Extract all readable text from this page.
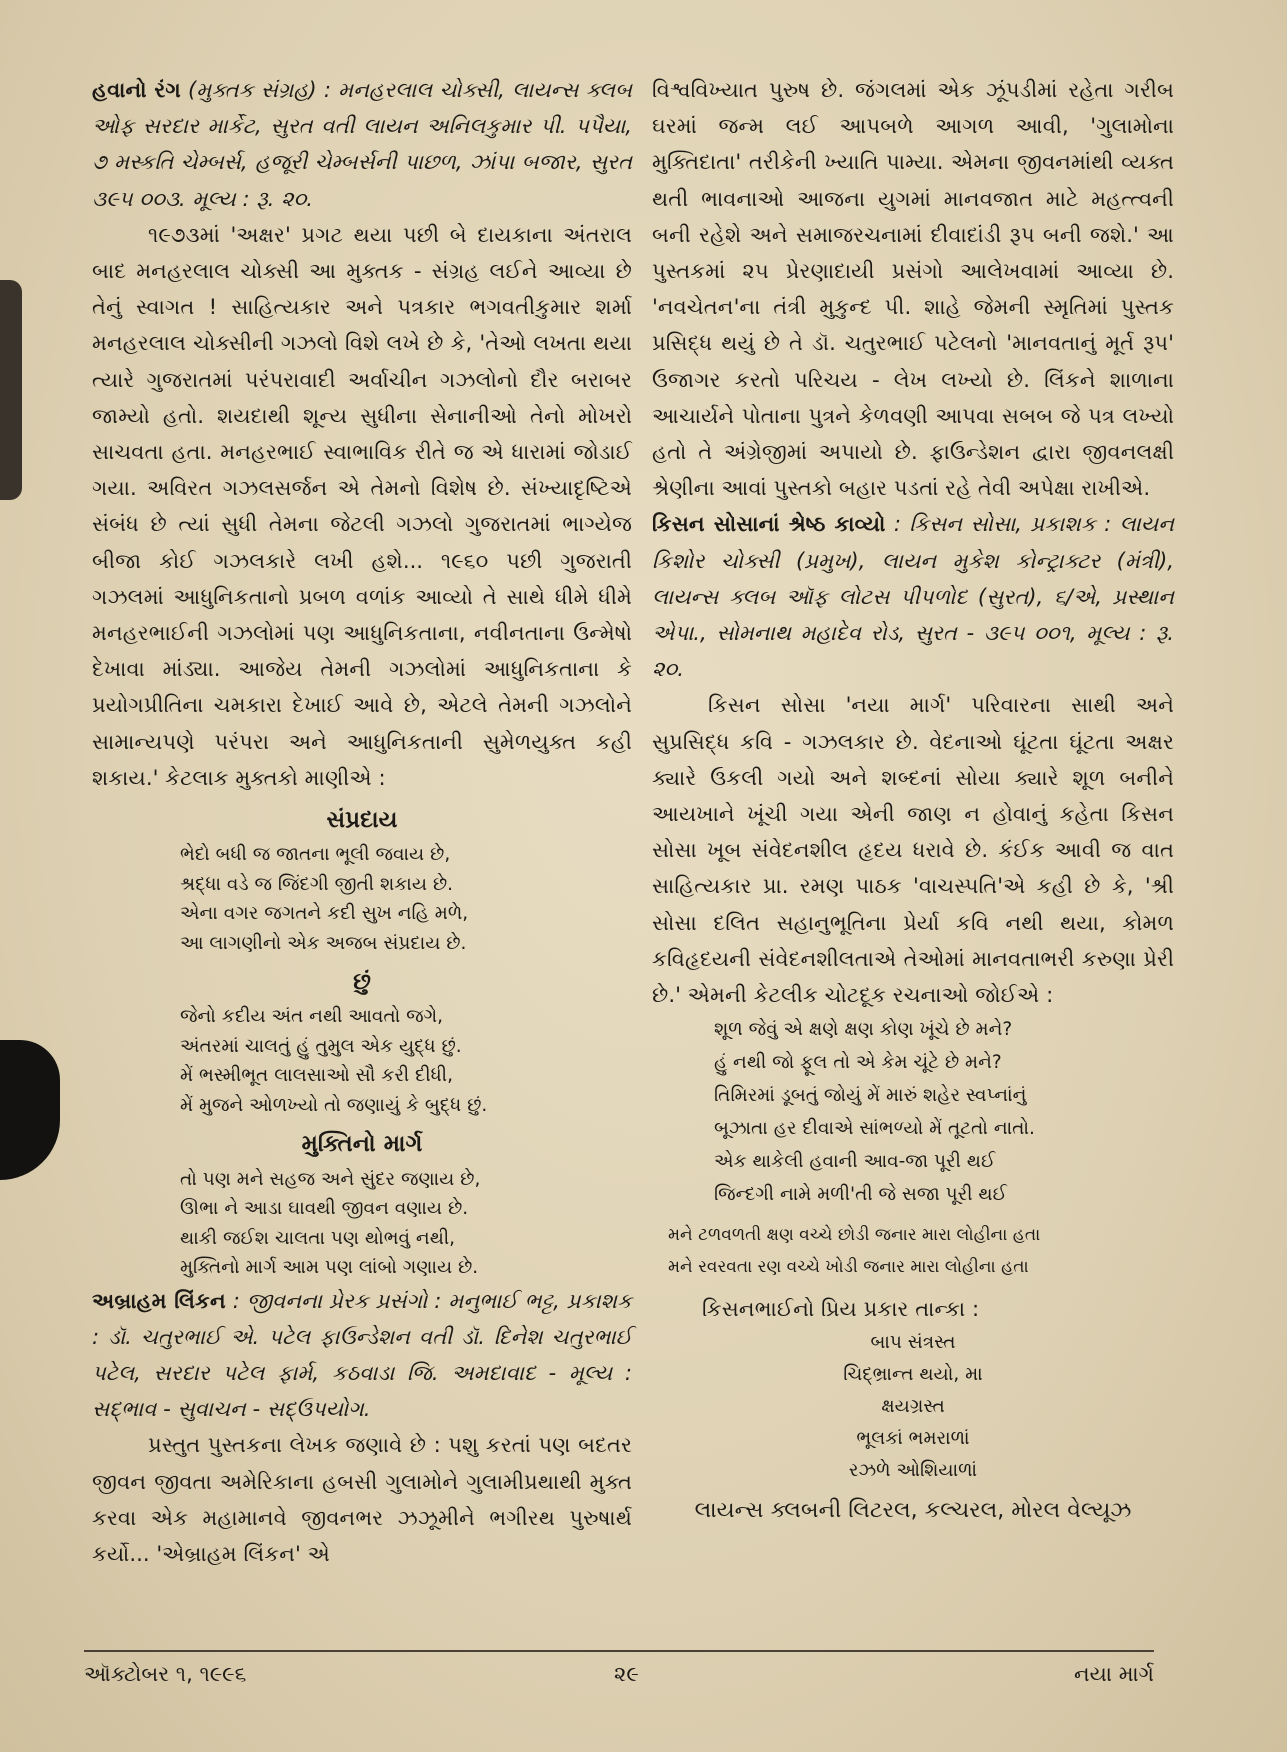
હવાનો રંગ (મુક્તક સંગ્રહ) : મનહરલાલ ચોક્સી, લાયન્સ ક્લબ ઓફ સરદાર માર્કેટ, સુરત વતી લાયન અનિલકુમાર પી. પપૈયા, ૭ મસ્કતિ ચેમ્બર્સ, હજૂરી ચેમ્બર્સની પાછળ, ઝાંપા બજાર, સુરત ૩૯૫ ૦૦૩. મૂલ્ય : રૂ. ૨૦.

૧૯૭૩માં 'અક્ષર' પ્રગટ થયા પછી બે દાયકાના અંતરાલ બાદ મનહરલાલ ચોક્સી આ મુક્તક - સંગ્રહ લઈને આવ્યા છે તેનું સ્વાગત ! સાહિત્યકાર અને પત્રકાર ભગવતીકુમાર શર્મા મનહરલાલ ચોક્સીની ગઝલો વિશે લખે છે કે, 'તેઓ લખતા થયા ત્યારે ગુજરાતમાં પરંપરાવાદી અર્વાચીન ગઝલોનો દૌર બરાબર જામ્યો હતો. શયદાથી શૂન્ય સુધીના સેનાનીઓ તેનો મોખરો સાચવતા હતા. મનહરભાઈ સ્વાભાવિક રીતે જ એ ધારામાં જોડાઈ ગયા. અવિરત ગઝલસર્જન એ તેમનો વિશેષ છે. સંખ્યાદૃષ્ટિએ સંબંધ છે ત્યાં સુધી તેમના જેટલી ગઝલો ગુજરાતમાં ભાગ્યેજ બીજા કોઈ ગઝલકારે લખી હશે... ૧૯૬૦ પછી ગુજરાતી ગઝલમાં આધુનિકતાનો પ્રબળ વળાંક આવ્યો તે સાથે ધીમે ધીમે મનહરભાઈની ગઝલોમાં પણ આધુનિકતાના, નવીનતાના ઉન્મેષો દેખાવા માંડ્યા. આજેય તેમની ગઝલોમાં આધુનિકતાના કે પ્રયોગપ્રીતિના ચમકારા દેખાઈ આવે છે, એટલે તેમની ગઝલોને સામાન્યપણે પરંપરા અને આધુનિકતાની સુમેળયુક્ત કહી શકાય.' કેટલાક મુક્તકો માણીએ :

સંપ્રદાય
ભેદો બધી જ જાતના ભૂલી જવાય છે,
શ્રદ્ધા વડે જ જિંદગી જીતી શકાય છે.
એના વગર જગતને કદી સુખ નહિ મળે,
આ લાગણીનો એક અજબ સંપ્રદાય છે.
છું
જેનો કદીય અંત નથી આવતો જગે,
અંતરમાં ચાલતું હું તુમુલ એક યુદ્ધ છું.
મેં ભસ્મીભૂત લાલસાઓ સૌ કરી દીધી,
મેં મુજને ઓળખ્યો તો જણાયું કે બુદ્ધ છું.
મુક્તિનો માર્ગ
તો પણ મને સહજ અને સુંદર જણાય છે,
ઊભા ને આડા ઘાવથી જીવન વણાય છે.
થાકી જઈશ ચાલતા પણ થોભવું નથી,
મુક્તિનો માર્ગ આમ પણ લાંબો ગણાય છે.

અબ્રાહમ લિંકન : જીવનના પ્રેરક પ્રસંગો : મનુભાઈ ભટ્ટ, પ્રકાશક : ડૉ. ચતુરભાઈ એ. પટેલ ફાઉન્ડેશન વતી ડૉ. દિનેશ ચતુરભાઈ પટેલ, સરદાર પટેલ ફાર્મ, કઠવાડા જિ. અમદાવાદ - મૂલ્ય : સદ્ભાવ - સુવાચન - સદ્ઉપયોગ.

પ્રસ્તુત પુસ્તકના લેખક જણાવે છે : પશુ કરતાં પણ બદતર જીવન જીવતા અમેરિકાના હબસી ગુલામોને ગુલામીપ્રથાથી મુક્ત કરવા એક મહામાનવે જીવનભર ઝઝૂમીને ભગીરથ પુરુષાર્થ કર્યો... 'એબ્રાહમ લિંકન' એ

વિશ્વવિખ્યાત પુરુષ છે. જંગલમાં એક ઝૂંપડીમાં રહેતા ગરીબ ઘરમાં જન્મ લઈ આપબળે આગળ આવી, 'ગુલામોના મુક્તિદાતા' તરીકેની ખ્યાતિ પામ્યા. એમના જીવનમાંથી વ્યક્ત થતી ભાવનાઓ આજના યુગમાં માનવજાત માટે મહત્ત્વની બની રહેશે અને સમાજરચનામાં દીવાદાંડી રૂપ બની જશે.' આ પુસ્તકમાં ૨૫ પ્રેરણાદાયી પ્રસંગો આલેખવામાં આવ્યા છે. 'નવચેતન'ના તંત્રી મુકુન્દ પી. શાહે જેમની સ્મૃતિમાં પુસ્તક પ્રસિદ્ધ થયું છે તે ડૉ. ચતુરભાઈ પટેલનો 'માનવતાનું મૂર્ત રૂપ' ઉજાગર કરતો પરિચય - લેખ લખ્યો છે. લિંકને શાળાના આચાર્યને પોતાના પુત્રને કેળવણી આપવા સબબ જે પત્ર લખ્યો હતો તે અંગ્રેજીમાં અપાયો છે. ફાઉન્ડેશન દ્વારા જીવનલક્ષી શ્રેણીના આવાં પુસ્તકો બહાર પડતાં રહે તેવી અપેક્ષા રાખીએ.

કિસન સોસાનાં શ્રેષ્ઠ કાવ્યો : કિસન સોસા, પ્રકાશક : લાયન કિશોર ચોક્સી (પ્રમુખ), લાયન મુકેશ કોન્ટ્રાક્ટર (મંત્રી), લાયન્સ ક્લબ ઑફ લોટસ પીપળોદ (સુરત), ૬/એ, પ્રસ્થાન એપા., સોમનાથ મહાદેવ રોડ, સુરત - ૩૯૫ ૦૦૧, મૂલ્ય : રૂ. ૨૦.

કિસન સોસા 'નયા માર્ગ' પરિવારના સાથી અને સુપ્રસિદ્ધ કવિ - ગઝલકાર છે. વેદનાઓ ઘૂંટતા ઘૂંટતા અક્ષર ક્યારે ઉકલી ગયો અને શબ્દનાં સોયા ક્યારે શૂળ બનીને આયખાને ખૂંચી ગયા એની જાણ ન હોવાનું કહેતા કિસન સોસા ખૂબ સંવેદનશીલ હૃદય ધરાવે છે. કંઈક આવી જ વાત સાહિત્યકાર પ્રા. રમણ પાઠક 'વાચસ્પતિ'એ કહી છે કે, 'શ્રી સોસા દલિત સહાનુભૂતિના પ્રેર્યા કવિ નથી થયા, કોમળ કવિહૃદયની સંવેદનશીલતાએ તેઓમાં માનવતાભરી કરુણા પ્રેરી છે.' એમની કેટલીક ચોટદૂક રચનાઓ જોઈએ :

શૂળ જેવું એ ક્ષણે ક્ષણ કોણ ખૂંચે છે મને?
હું નથી જો ફૂલ તો એ કેમ ચૂંટે છે મને?
તિમિરમાં ડૂબતું જોયું મેં મારું શહેર સ્વપ્નાંનું
બૂઝાતા હર દીવાએ સાંભળ્યો મેં તૂટતો નાતો.
એક થાકેલી હવાની આવ-જા પૂરી થઈ
જિન્દગી નામે મળી'તી જે સજા પૂરી થઈ
મને ટળવળતી ક્ષણ વચ્ચે છોડી જનાર મારા લોહીના હતા
મને રવરવતા રણ વચ્ચે ખોડી જનાર મારા લોહીના હતા
કિસનભાઈનો પ્રિય પ્રકાર તાન્કા :
બાપ સંત્રસ્ત
ચિદ્ભ્રાન્ત થયો, મા
ક્ષયગ્રસ્ત
ભૂલકાં ભમરાળાં
રઝળે ઓશિયાળાં
લાયન્સ ક્લબની લિટરલ, કલ્ચરલ, મોરલ વેલ્યૂઝ
ઑક્ટોબર ૧, ૧૯૯૬	૨૯	નયા માર્ગ
